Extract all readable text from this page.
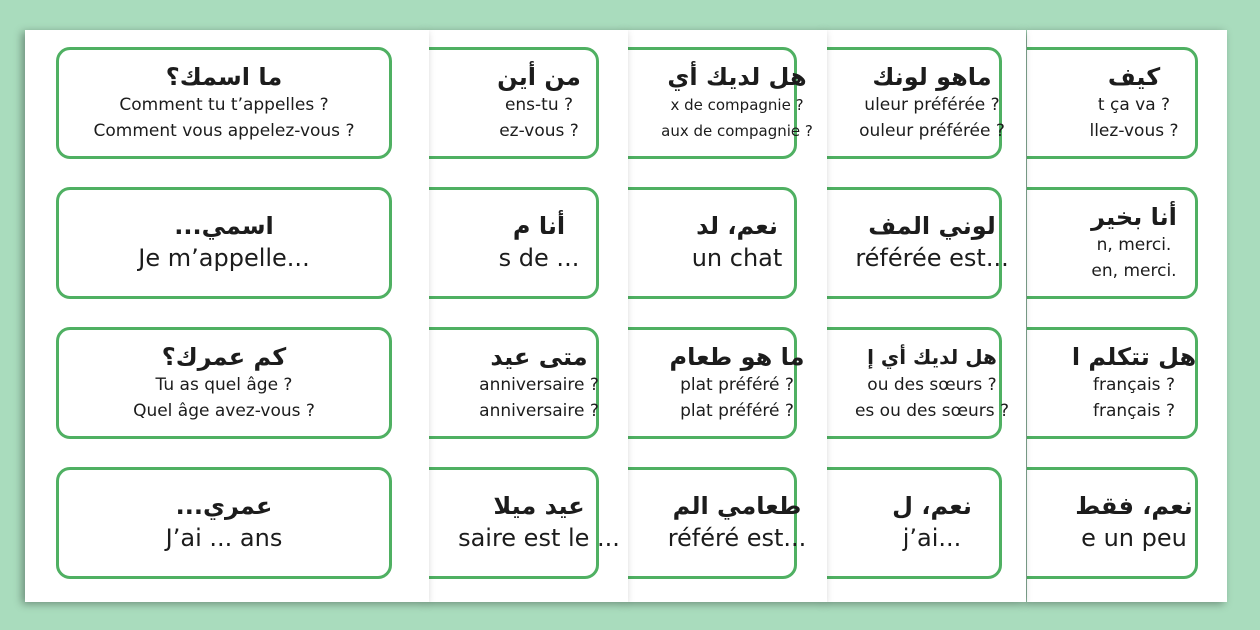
كيف
t ça va ?
llez-vous ?
أنا بخير
n, merci.
en, merci.
هل تتكلم ا
français ?
français ?
نعم، فقط
e un peu
ماهو لونك
uleur préférée ?
ouleur préférée ?
لوني المف
référée est...
هل لديك أي إ
ou des sœurs ?
es ou des sœurs ?
نعم، ل
j’ai...
هل لديك أي
x de compagnie ?
aux de compagnie ?
نعم، لد
un chat
ما هو طعام
plat préféré ?
plat préféré ?
طعامي الم
référé est...
من أين
ens-tu ?
ez-vous ?
أنا م
s de ...
متى عيد
anniversaire ?
anniversaire ?
عيد ميلا
saire est le ...
ما اسمك؟
Comment tu t’appelles ?
Comment vous appelez-vous ?
اسمي...
Je m’appelle...
كم عمرك؟
Tu as quel âge ?
Quel âge avez-vous ?
عمري...
J’ai ... ans
